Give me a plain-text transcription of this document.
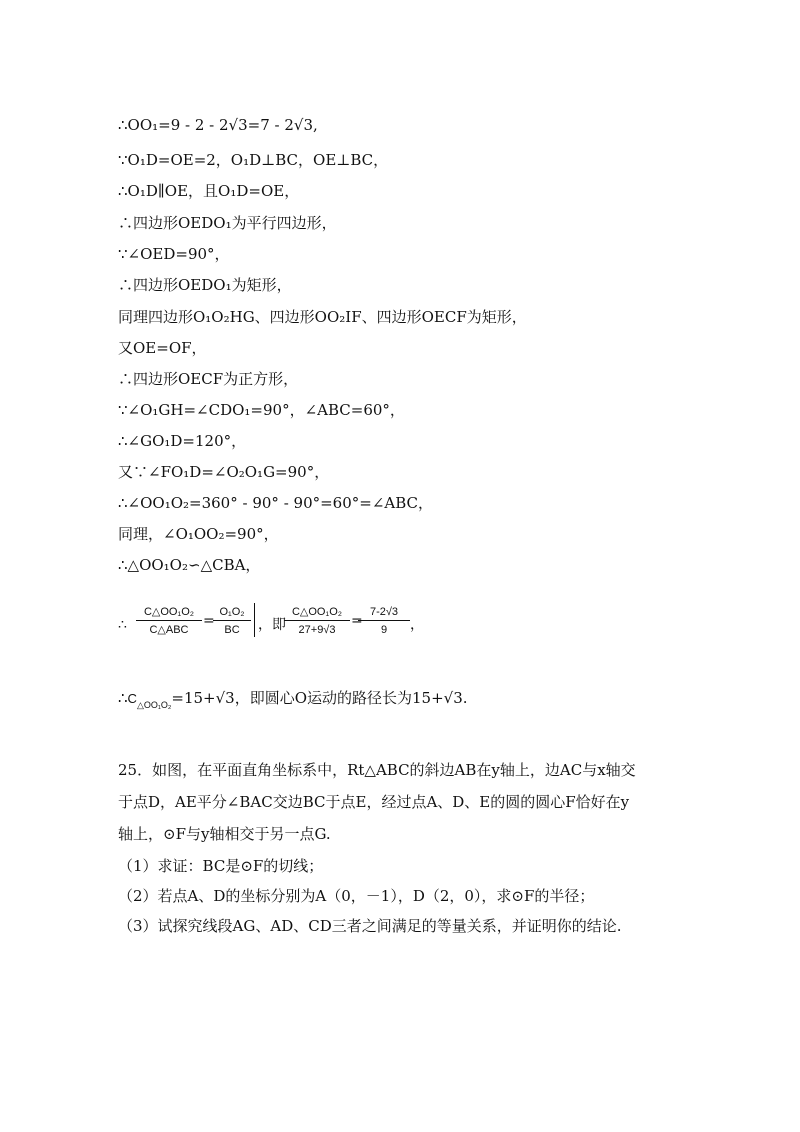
∴OO₁=9 - 2 - 2√3=7 - 2√3,
∵O₁D=OE=2，O₁D⊥BC，OE⊥BC，
∴O₁D∥OE，且O₁D=OE，
∴四边形OEDO₁为平行四边形，
∵∠OED=90°，
∴四边形OEDO₁为矩形，
同理四边形O₁O₂HG、四边形OO₂IF、四边形OECF为矩形，
又OE=OF，
∴四边形OECF为正方形，
∵∠O₁GH=∠CDO₁=90°，∠ABC=60°，
∴∠GO₁D=120°，
又∵∠FO₁D=∠O₂O₁G=90°，
∴∠OO₁O₂=360° - 90° - 90°=60°=∠ABC，
同理，∠O₁OO₂=90°，
∴△OO₁O₂∽△CBA，
∴
C△OO₁O₂
C△ABC
=
$\frac{\text{O₁O₂}}{BC}$ ，即
$\frac{\text{C△OO₁O₂}}{27+9√3}$ =
$\frac{7-2√3}{9}$ ，
$\therefore C_{\triangle OO_1O_2}=15+√3$，即圆心O运动的路径长为15+√3.
25．如图，在平面直角坐标系中，Rt△ABC的斜边AB在y轴上，边AC与x轴交
于点D，AE平分∠BAC交边BC于点E，经过点A、D、E的圆的圆心F恰好在y
轴上，⊙F与y轴相交于另一点G.
（1）求证：BC是⊙F的切线；
（2）若点A、D的坐标分别为A（0，－1），D（2，0），求⊙F的半径；
（3）试探究线段AG、AD、CD三者之间满足的等量关系，并证明你的结论.
